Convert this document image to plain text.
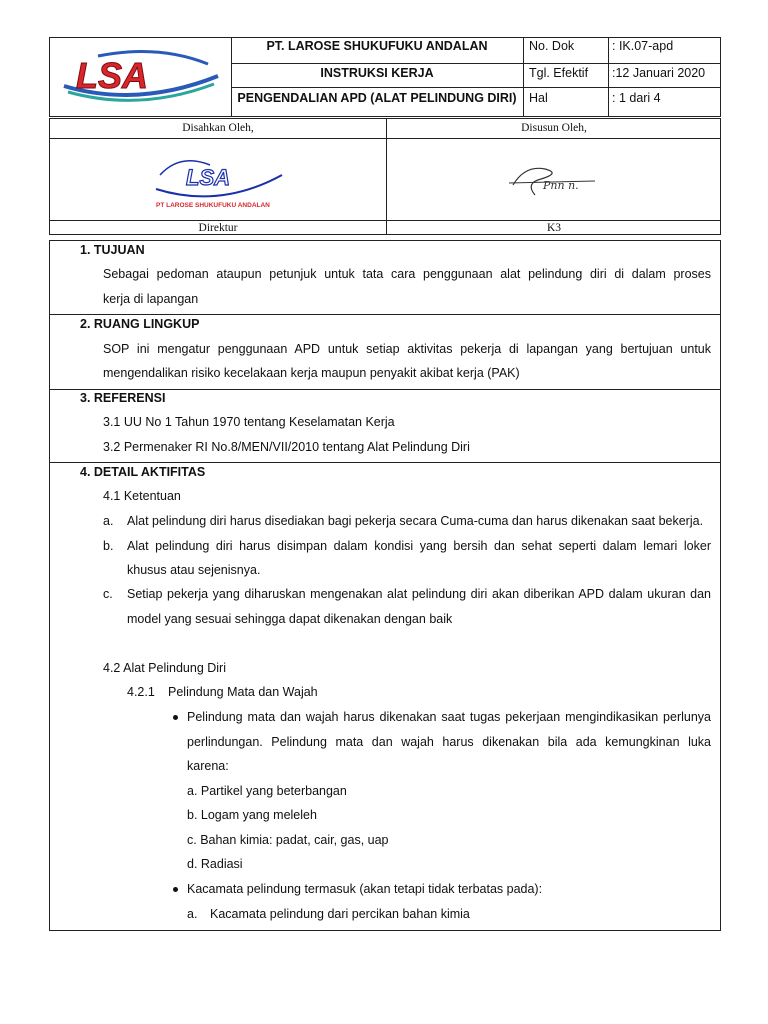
LSA
PT. LAROSE SHUKUFUKU ANDALAN
INSTRUKSI KERJA
PENGENDALIAN APD (ALAT PELINDUNG DIRI)
No. Dok
Tgl. Efektif
Hal
: IK.07-apd
:12 Januari 2020
: 1 dari 4
Disahkan Oleh,	Disusun Oleh,
LSA
PT LAROSE SHUKUFUKU ANDALAN
Pnn n.
Direktur	K3
1. TUJUAN
Sebagai pedoman ataupun petunjuk untuk tata cara penggunaan alat pelindung diri di dalam proses
kerja di lapangan
2. RUANG LINGKUP
SOP ini mengatur penggunaan APD untuk setiap aktivitas pekerja di lapangan yang bertujuan untuk
mengendalikan risiko kecelakaan kerja maupun penyakit akibat kerja (PAK)
3. REFERENSI
3.1 UU No 1 Tahun 1970 tentang Keselamatan Kerja
3.2 Permenaker RI No.8/MEN/VII/2010 tentang Alat Pelindung Diri
4. DETAIL AKTIFITAS
4.1 Ketentuan
a. Alat pelindung diri harus disediakan bagi pekerja secara Cuma-cuma dan harus dikenakan saat bekerja.
b. Alat pelindung diri harus disimpan dalam kondisi yang bersih dan sehat seperti dalam lemari loker
khusus atau sejenisnya.
c. Setiap pekerja yang diharuskan mengenakan alat pelindung diri akan diberikan APD dalam ukuran dan
model yang sesuai sehingga dapat dikenakan dengan baik
4.2 Alat Pelindung Diri
4.2.1 Pelindung Mata dan Wajah
Pelindung mata dan wajah harus dikenakan saat tugas pekerjaan mengindikasikan perlunya
perlindungan. Pelindung mata dan wajah harus dikenakan bila ada kemungkinan luka
karena:
a. Partikel yang beterbangan
b. Logam yang meleleh
c. Bahan kimia: padat, cair, gas, uap
d. Radiasi
Kacamata pelindung termasuk (akan tetapi tidak terbatas pada):
a. Kacamata pelindung dari percikan bahan kimia
